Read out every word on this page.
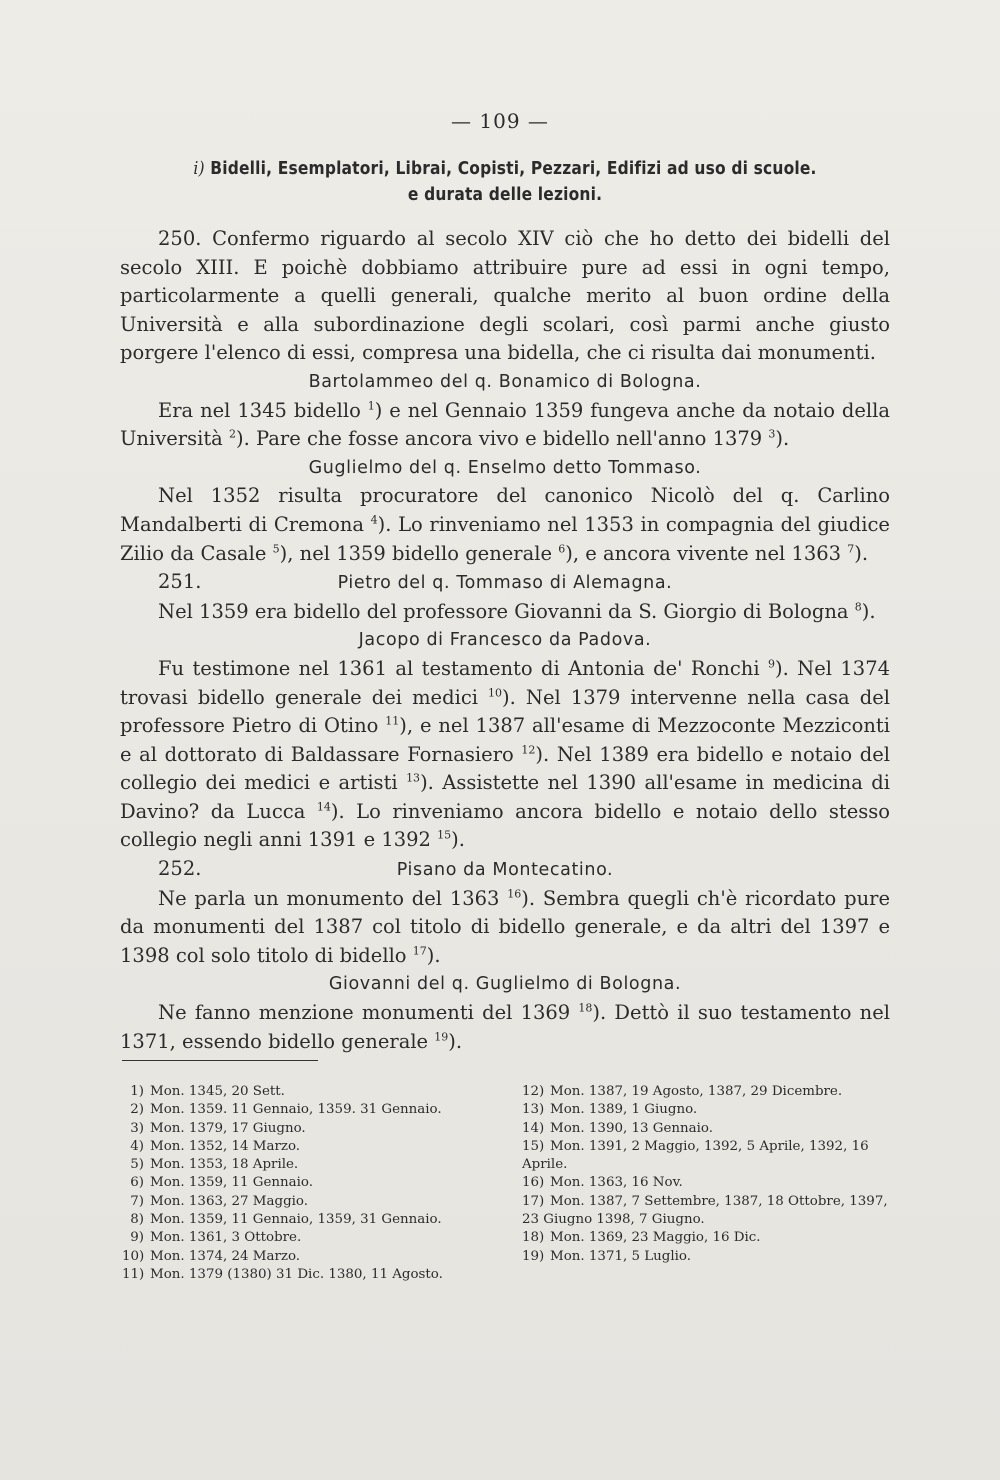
— 109 —
i) Bidelli, Esemplatori, Librai, Copisti, Pezzari, Edifizi ad uso di scuole.
e durata delle lezioni.

250. Confermo riguardo al secolo XIV ciò che ho detto dei bidelli del secolo XIII. E poichè dobbiamo attribuire pure ad essi in ogni tempo, particolarmente a quelli generali, qualche merito al buon ordine della Università e alla subordinazione degli scolari, così parmi anche giusto porgere l'elenco di essi, compresa una bidella, che ci risulta dai monumenti.

Bartolammeo del q. Bonamico di Bologna.

Era nel 1345 bidello $^1$) e nel Gennaio 1359 fungeva anche da notaio della Università $^2$). Pare che fosse ancora vivo e bidello nell'anno 1379 $^3$).

Guglielmo del q. Enselmo detto Tommaso.

Nel 1352 risulta procuratore del canonico Nicolò del q. Carlino Mandalberti di Cremona $^4$). Lo rinveniamo nel 1353 in compagnia del giudice Zilio da Casale $^5$), nel 1359 bidello generale $^6$), e ancora vivente nel 1363 $^7$).

251.	Pietro del q. Tommaso di Alemagna.

Nel 1359 era bidello del professore Giovanni da S. Giorgio di Bologna $^8$).

Jacopo di Francesco da Padova.

Fu testimone nel 1361 al testamento di Antonia de' Ronchi $^9$). Nel 1374 trovasi bidello generale dei medici $^{10}$). Nel 1379 intervenne nella casa del professore Pietro di Otino $^{11}$), e nel 1387 all'esame di Mezzoconte Mezziconti e al dottorato di Baldassare Fornasiero $^{12}$). Nel 1389 era bidello e notaio del collegio dei medici e artisti $^{13}$). Assistette nel 1390 all'esame in medicina di Davino? da Lucca $^{14}$). Lo rinveniamo ancora bidello e notaio dello stesso collegio negli anni 1391 e 1392 $^{15}$).

252.	Pisano da Montecatino.

Ne parla un monumento del 1363 $^{16}$). Sembra quegli ch'è ricordato pure da monumenti del 1387 col titolo di bidello generale, e da altri del 1397 e 1398 col solo titolo di bidello $^{17}$).

Giovanni del q. Guglielmo di Bologna.

Ne fanno menzione monumenti del 1369 $^{18}$). Dettò il suo testamento nel 1371, essendo bidello generale $^{19}$).

1) Mon. 1345, 20 Sett.
2) Mon. 1359. 11 Gennaio, 1359. 31 Gennaio.
3) Mon. 1379, 17 Giugno.
4) Mon. 1352, 14 Marzo.
5) Mon. 1353, 18 Aprile.
6) Mon. 1359, 11 Gennaio.
7) Mon. 1363, 27 Maggio.
8) Mon. 1359, 11 Gennaio, 1359, 31 Gennaio.
9) Mon. 1361, 3 Ottobre.
10) Mon. 1374, 24 Marzo.
11) Mon. 1379 (1380) 31 Dic. 1380, 11 Agosto.
12) Mon. 1387, 19 Agosto, 1387, 29 Dicembre.
13) Mon. 1389, 1 Giugno.
14) Mon. 1390, 13 Gennaio.
15) Mon. 1391, 2 Maggio, 1392, 5 Aprile, 1392, 16 Aprile.
16) Mon. 1363, 16 Nov.
17) Mon. 1387, 7 Settembre, 1387, 18 Ottobre, 1397, 23 Giugno 1398, 7 Giugno.
18) Mon. 1369, 23 Maggio, 16 Dic.
19) Mon. 1371, 5 Luglio.
